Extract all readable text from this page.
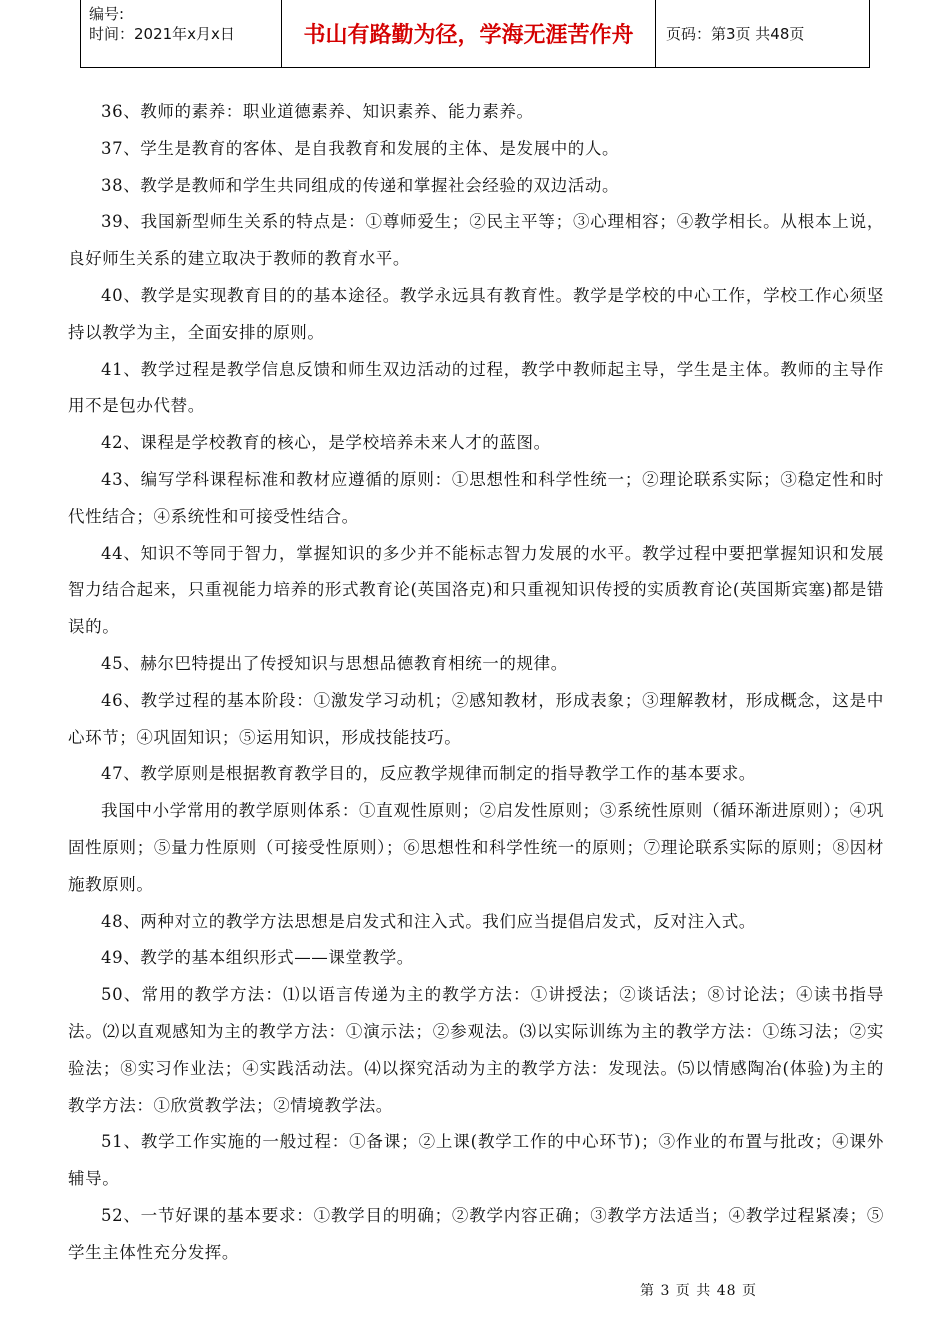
编号:
时间：2021年x月x日	书山有路勤为径，学海无涯苦作舟	页码：第3页 共48页

36、教师的素养：职业道德素养、知识素养、能力素养。

37、学生是教育的客体、是自我教育和发展的主体、是发展中的人。

38、教学是教师和学生共同组成的传递和掌握社会经验的双边活动。

39、我国新型师生关系的特点是：①尊师爱生；②民主平等；③心理相容；④教学相长。从根本上说，良好师生关系的建立取决于教师的教育水平。

40、教学是实现教育目的的基本途径。教学永远具有教育性。教学是学校的中心工作，学校工作心须坚持以教学为主，全面安排的原则。

41、教学过程是教学信息反馈和师生双边活动的过程，教学中教师起主导，学生是主体。教师的主导作用不是包办代替。

42、课程是学校教育的核心，是学校培养未来人才的蓝图。

43、编写学科课程标准和教材应遵循的原则：①思想性和科学性统一；②理论联系实际；③稳定性和时代性结合；④系统性和可接受性结合。

44、知识不等同于智力，掌握知识的多少并不能标志智力发展的水平。教学过程中要把掌握知识和发展智力结合起来，只重视能力培养的形式教育论(英国洛克)和只重视知识传授的实质教育论(英国斯宾塞)都是错误的。

45、赫尔巴特提出了传授知识与思想品德教育相统一的规律。

46、教学过程的基本阶段：①激发学习动机；②感知教材，形成表象；③理解教材，形成概念，这是中心环节；④巩固知识；⑤运用知识，形成技能技巧。

47、教学原则是根据教育教学目的，反应教学规律而制定的指导教学工作的基本要求。

我国中小学常用的教学原则体系：①直观性原则；②启发性原则；③系统性原则（循环渐进原则）；④巩固性原则；⑤量力性原则（可接受性原则）；⑥思想性和科学性统一的原则；⑦理论联系实际的原则；⑧因材施教原则。

48、两种对立的教学方法思想是启发式和注入式。我们应当提倡启发式，反对注入式。

49、教学的基本组织形式——课堂教学。

50、常用的教学方法：⑴以语言传递为主的教学方法：①讲授法；②谈话法；⑧讨论法；④读书指导法。⑵以直观感知为主的教学方法：①演示法；②参观法。⑶以实际训练为主的教学方法：①练习法；②实验法；⑧实习作业法；④实践活动法。⑷以探究活动为主的教学方法：发现法。⑸以情感陶冶(体验)为主的教学方法：①欣赏教学法；②情境教学法。

51、教学工作实施的一般过程：①备课；②上课(教学工作的中心环节)；③作业的布置与批改；④课外辅导。

52、一节好课的基本要求：①教学目的明确；②教学内容正确；③教学方法适当；④教学过程紧凑；⑤学生主体性充分发挥。

第 3 页 共 48 页
